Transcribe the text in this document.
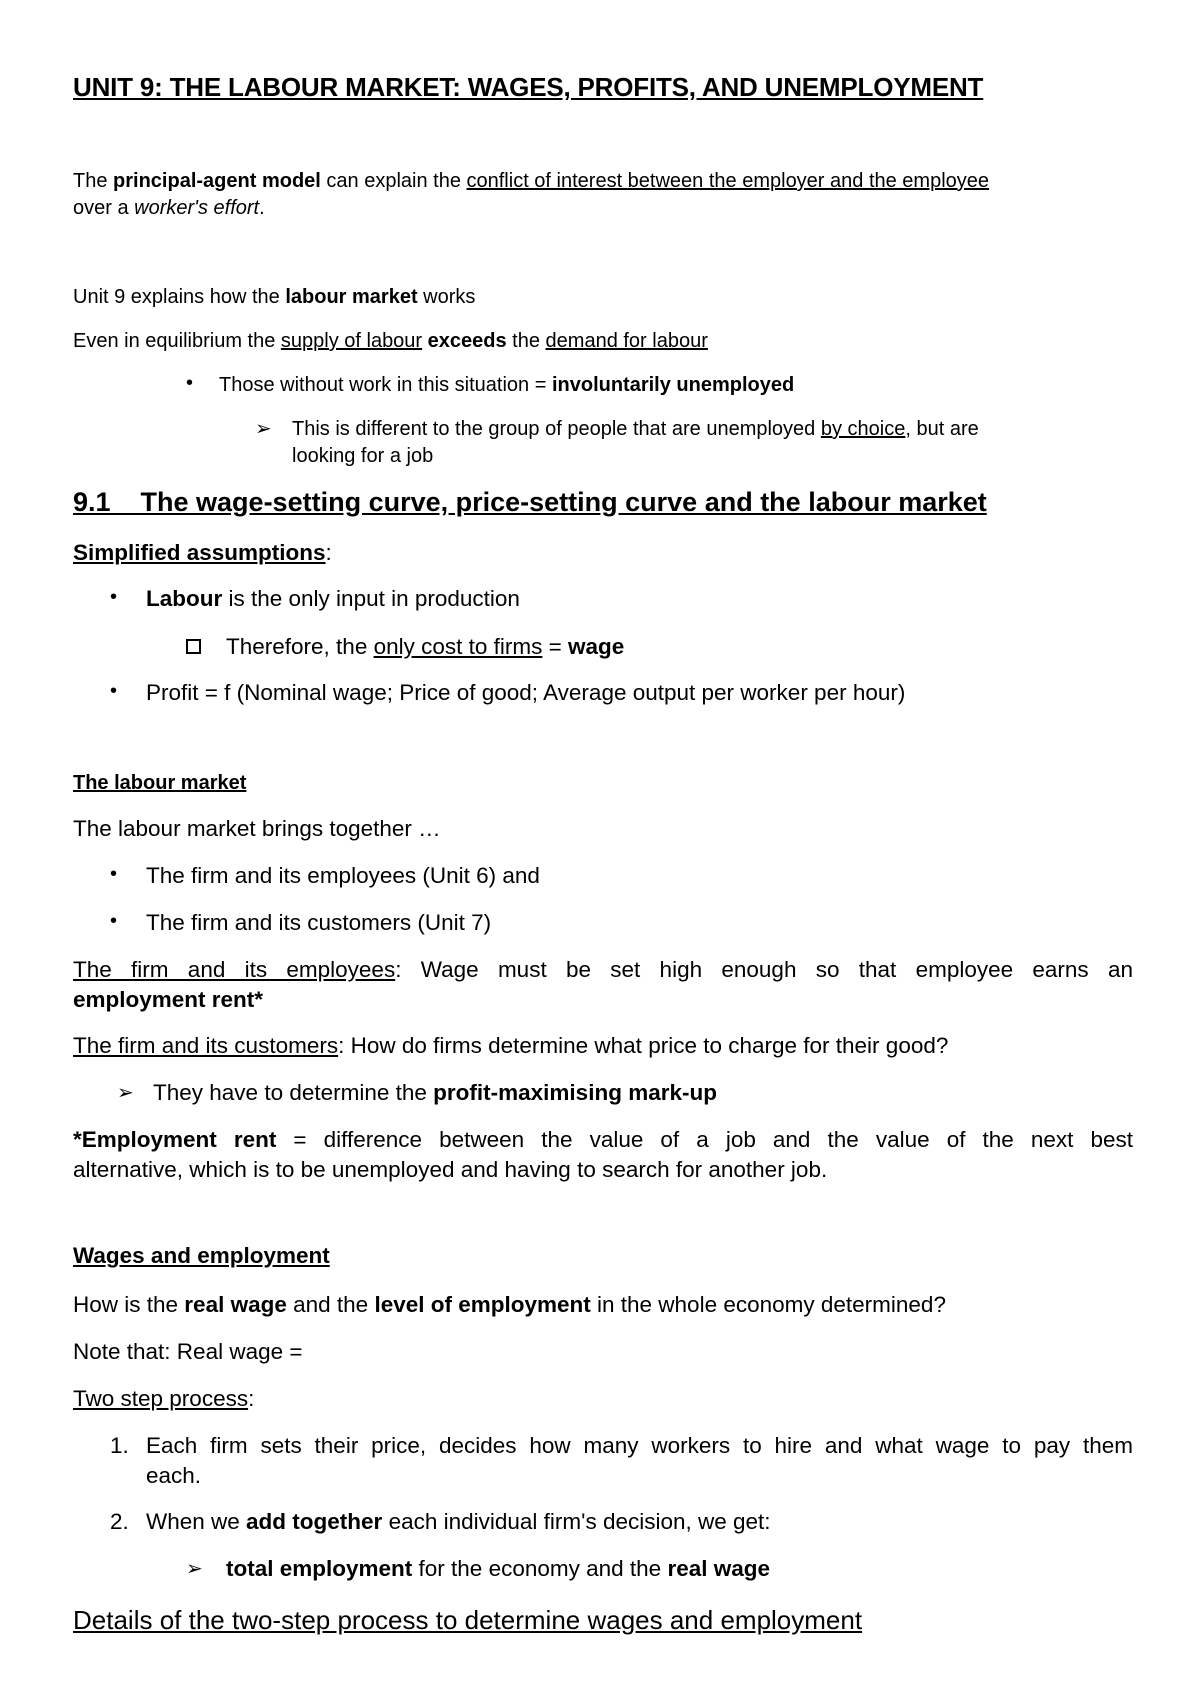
UNIT 9: THE LABOUR MARKET: WAGES, PROFITS, AND UNEMPLOYMENT
The principal-agent model can explain the conflict of interest between the employer and the employee
over a worker's effort.
Unit 9 explains how the labour market works
Even in equilibrium the supply of labour exceeds the demand for labour
• Those without work in this situation = involuntarily unemployed
➢ This is different to the group of people that are unemployed by choice, but are
looking for a job
9.1    The wage-setting curve, price-setting curve and the labour market
Simplified assumptions:
• Labour is the only input in production
Therefore, the only cost to firms = wage
• Profit = f (Nominal wage; Price of good; Average output per worker per hour)
The labour market
The labour market brings together …
• The firm and its employees (Unit 6) and
• The firm and its customers (Unit 7)
The firm and its employees: Wage must be set high enough so that employee earns an
employment rent*
The firm and its customers: How do firms determine what price to charge for their good?
➢ They have to determine the profit-maximising mark-up
*Employment rent = difference between the value of a job and the value of the next best
alternative, which is to be unemployed and having to search for another job.
Wages and employment
How is the real wage and the level of employment in the whole economy determined?
Note that: Real wage =
Two step process:
1. Each firm sets their price, decides how many workers to hire and what wage to pay them
each.
2. When we add together each individual firm's decision, we get:
➢ total employment for the economy and the real wage
Details of the two-step process to determine wages and employment
